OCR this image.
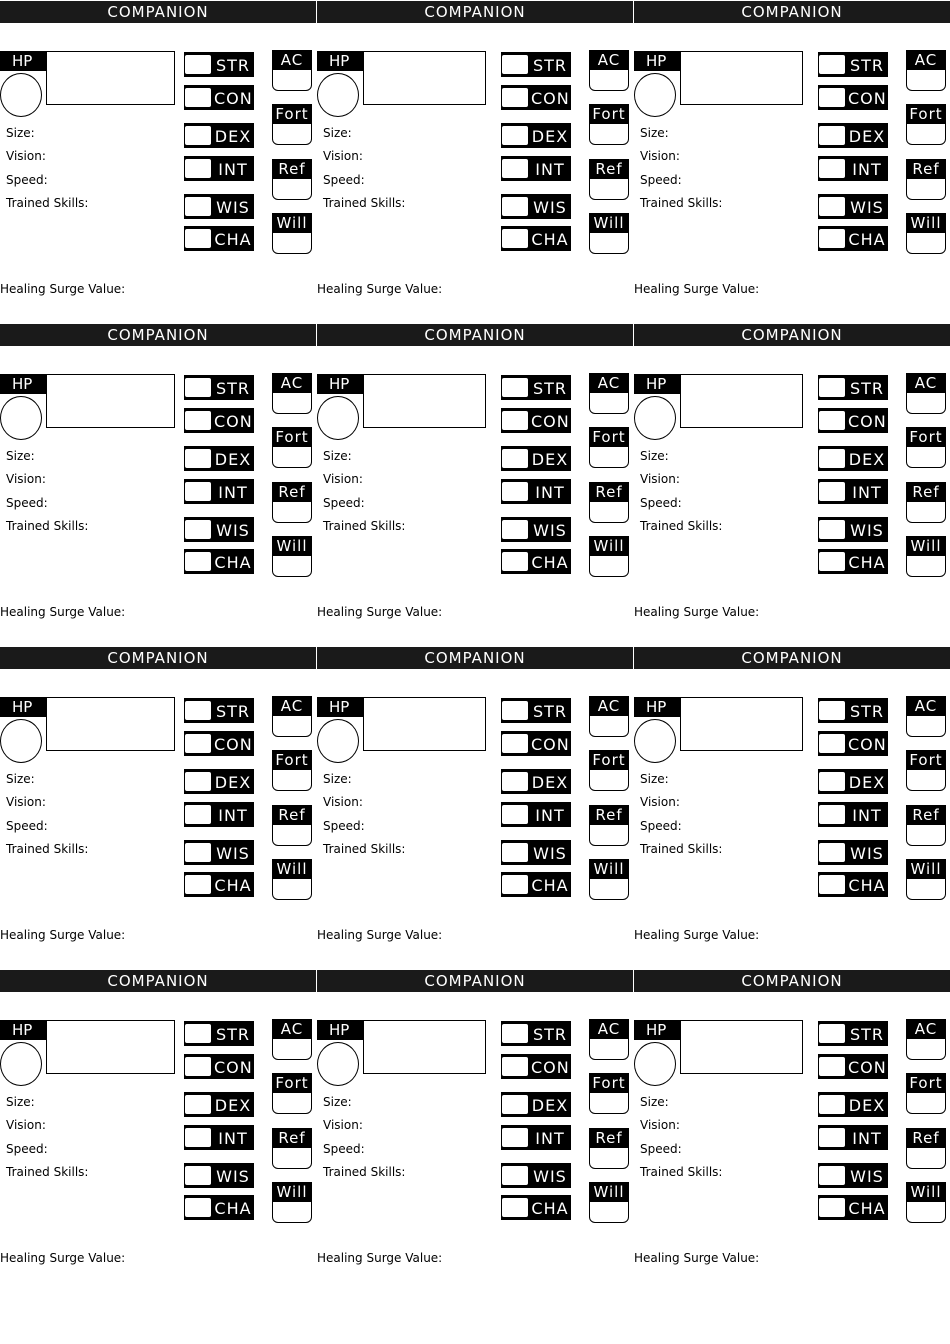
COMPANION
HP
Size:
Vision:
Speed:
Trained Skills:
Healing Surge Value:
STR
CON
DEX
INT
WIS
CHA
AC
Fort
Ref
Will
COMPANION
HP
Size:
Vision:
Speed:
Trained Skills:
Healing Surge Value:
STR
CON
DEX
INT
WIS
CHA
AC
Fort
Ref
Will
COMPANION
HP
Size:
Vision:
Speed:
Trained Skills:
Healing Surge Value:
STR
CON
DEX
INT
WIS
CHA
AC
Fort
Ref
Will
COMPANION
HP
Size:
Vision:
Speed:
Trained Skills:
Healing Surge Value:
STR
CON
DEX
INT
WIS
CHA
AC
Fort
Ref
Will
COMPANION
HP
Size:
Vision:
Speed:
Trained Skills:
Healing Surge Value:
STR
CON
DEX
INT
WIS
CHA
AC
Fort
Ref
Will
COMPANION
HP
Size:
Vision:
Speed:
Trained Skills:
Healing Surge Value:
STR
CON
DEX
INT
WIS
CHA
AC
Fort
Ref
Will
COMPANION
HP
Size:
Vision:
Speed:
Trained Skills:
Healing Surge Value:
STR
CON
DEX
INT
WIS
CHA
AC
Fort
Ref
Will
COMPANION
HP
Size:
Vision:
Speed:
Trained Skills:
Healing Surge Value:
STR
CON
DEX
INT
WIS
CHA
AC
Fort
Ref
Will
COMPANION
HP
Size:
Vision:
Speed:
Trained Skills:
Healing Surge Value:
STR
CON
DEX
INT
WIS
CHA
AC
Fort
Ref
Will
COMPANION
HP
Size:
Vision:
Speed:
Trained Skills:
Healing Surge Value:
STR
CON
DEX
INT
WIS
CHA
AC
Fort
Ref
Will
COMPANION
HP
Size:
Vision:
Speed:
Trained Skills:
Healing Surge Value:
STR
CON
DEX
INT
WIS
CHA
AC
Fort
Ref
Will
COMPANION
HP
Size:
Vision:
Speed:
Trained Skills:
Healing Surge Value:
STR
CON
DEX
INT
WIS
CHA
AC
Fort
Ref
Will
